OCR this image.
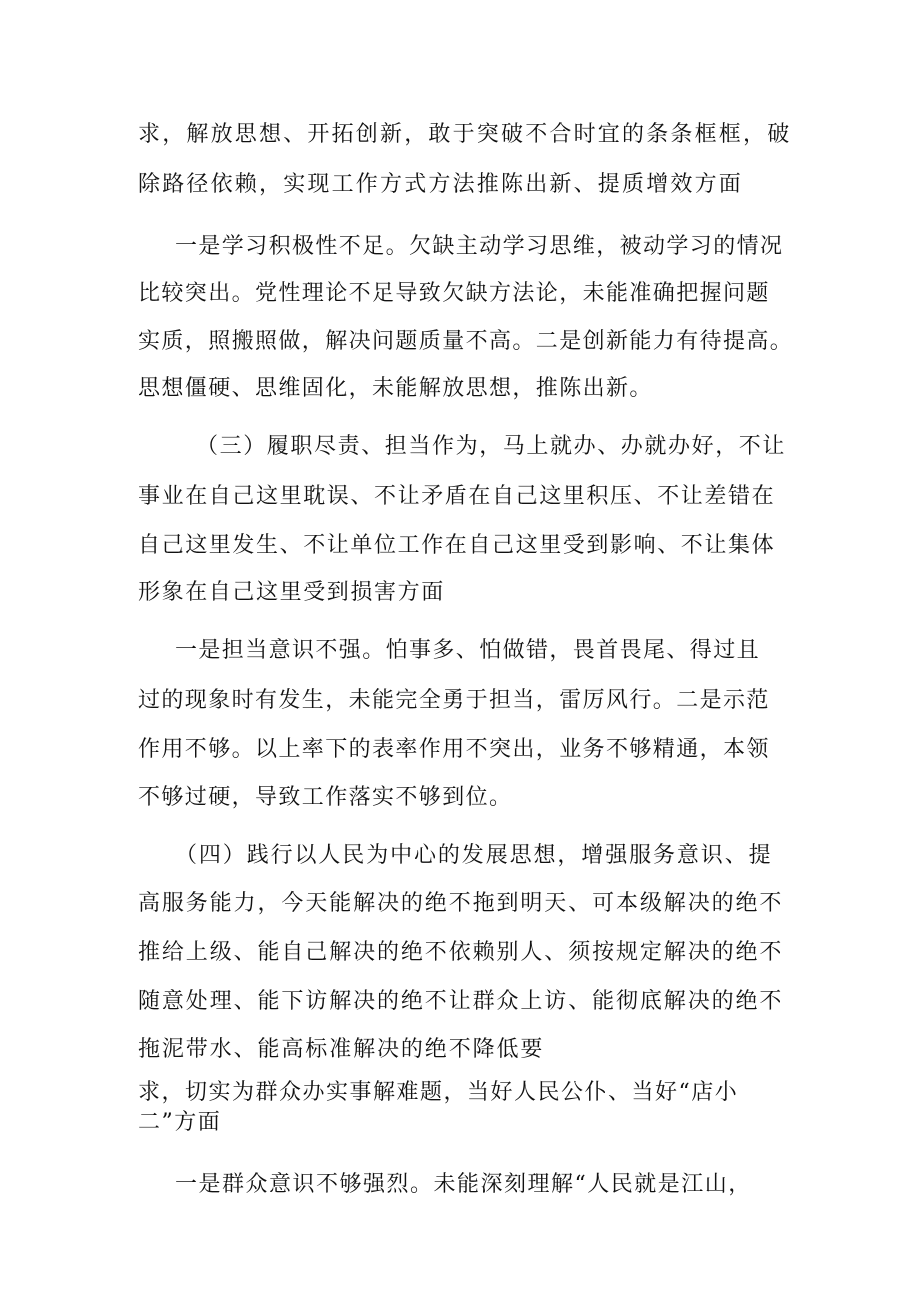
求，解放思想、开拓创新，敢于突破不合时宜的条条框框，破
除路径依赖，实现工作方式方法推陈出新、提质增效方面
一是学习积极性不足。欠缺主动学习思维，被动学习的情况
比较突出。党性理论不足导致欠缺方法论，未能准确把握问题
实质，照搬照做，解决问题质量不高。二是创新能力有待提高。
思想僵硬、思维固化，未能解放思想，推陈出新。
（三）履职尽责、担当作为，马上就办、办就办好，不让
事业在自己这里耽误、不让矛盾在自己这里积压、不让差错在
自己这里发生、不让单位工作在自己这里受到影响、不让集体
形象在自己这里受到损害方面
一是担当意识不强。怕事多、怕做错，畏首畏尾、得过且
过的现象时有发生，未能完全勇于担当，雷厉风行。二是示范
作用不够。以上率下的表率作用不突出，业务不够精通，本领
不够过硬，导致工作落实不够到位。
（四）践行以人民为中心的发展思想，增强服务意识、提
高服务能力，今天能解决的绝不拖到明天、可本级解决的绝不
推给上级、能自己解决的绝不依赖别人、须按规定解决的绝不
随意处理、能下访解决的绝不让群众上访、能彻底解决的绝不
拖泥带水、能高标准解决的绝不降低要
求，切实为群众办实事解难题，当好人民公仆、当好“店小
二”方面
一是群众意识不够强烈。未能深刻理解“人民就是江山，
